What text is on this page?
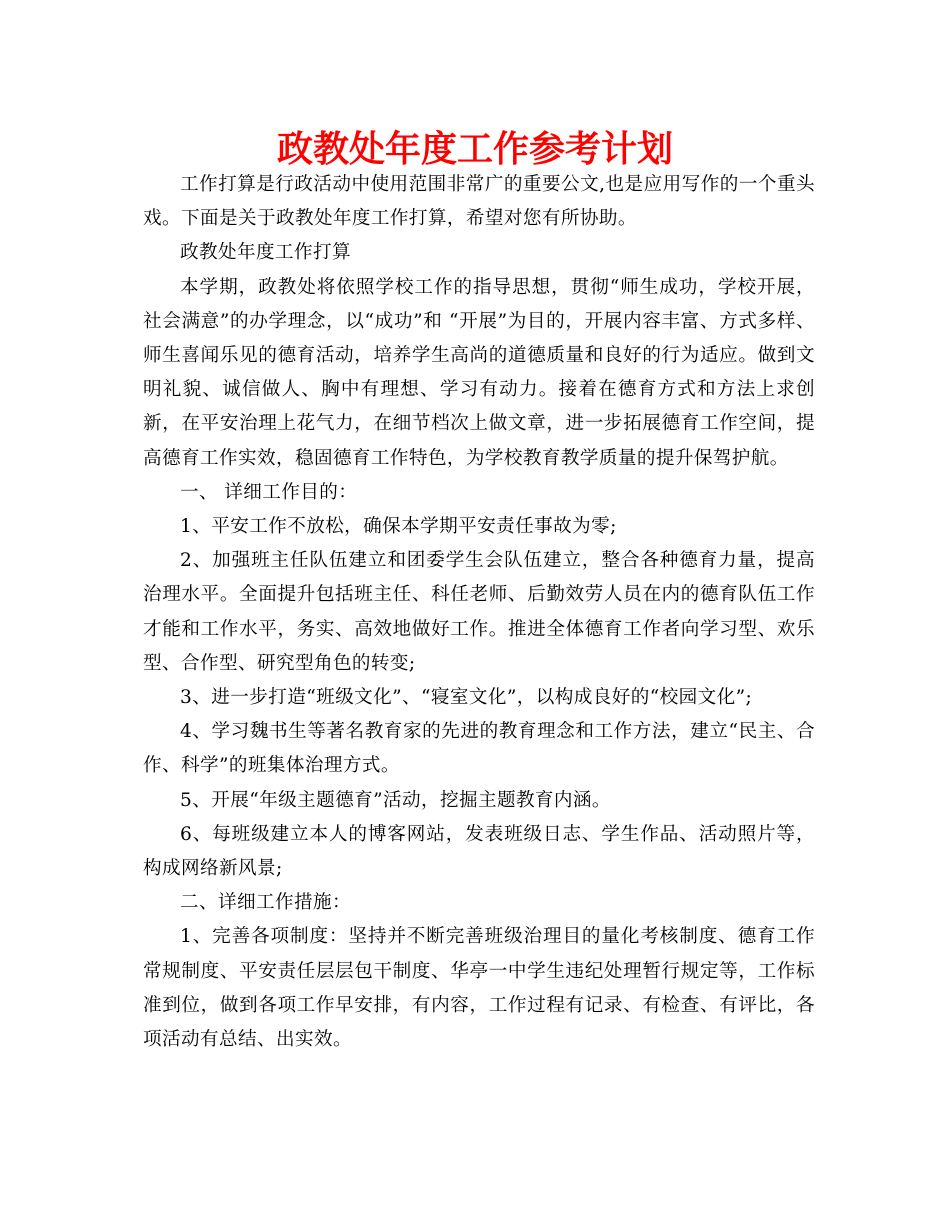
政教处年度工作参考计划

工作打算是行政活动中使用范围非常广的重要公文,也是应用写作的一个重头戏。下面是关于政教处年度工作打算，希望对您有所协助。

政教处年度工作打算

本学期，政教处将依照学校工作的指导思想，贯彻“师生成功，学校开展，社会满意”的办学理念，以“成功”和 “开展”为目的，开展内容丰富、方式多样、师生喜闻乐见的德育活动，培养学生高尚的道德质量和良好的行为适应。做到文明礼貌、诚信做人、胸中有理想、学习有动力。接着在德育方式和方法上求创新，在平安治理上花气力，在细节档次上做文章，进一步拓展德育工作空间，提高德育工作实效，稳固德育工作特色，为学校教育教学质量的提升保驾护航。

一、 详细工作目的：

1、平安工作不放松，确保本学期平安责任事故为零;

2、加强班主任队伍建立和团委学生会队伍建立，整合各种德育力量，提高治理水平。全面提升包括班主任、科任老师、后勤效劳人员在内的德育队伍工作才能和工作水平，务实、高效地做好工作。推进全体德育工作者向学习型、欢乐型、合作型、研究型角色的转变;

3、进一步打造“班级文化”、“寝室文化”，以构成良好的“校园文化”;

4、学习魏书生等著名教育家的先进的教育理念和工作方法，建立“民主、合作、科学”的班集体治理方式。

5、开展“年级主题德育”活动，挖掘主题教育内涵。

6、每班级建立本人的博客网站，发表班级日志、学生作品、活动照片等，构成网络新风景;

二、详细工作措施：

1、完善各项制度：坚持并不断完善班级治理目的量化考核制度、德育工作常规制度、平安责任层层包干制度、华亭一中学生违纪处理暂行规定等，工作标准到位，做到各项工作早安排，有内容，工作过程有记录、有检查、有评比，各项活动有总结、出实效。
